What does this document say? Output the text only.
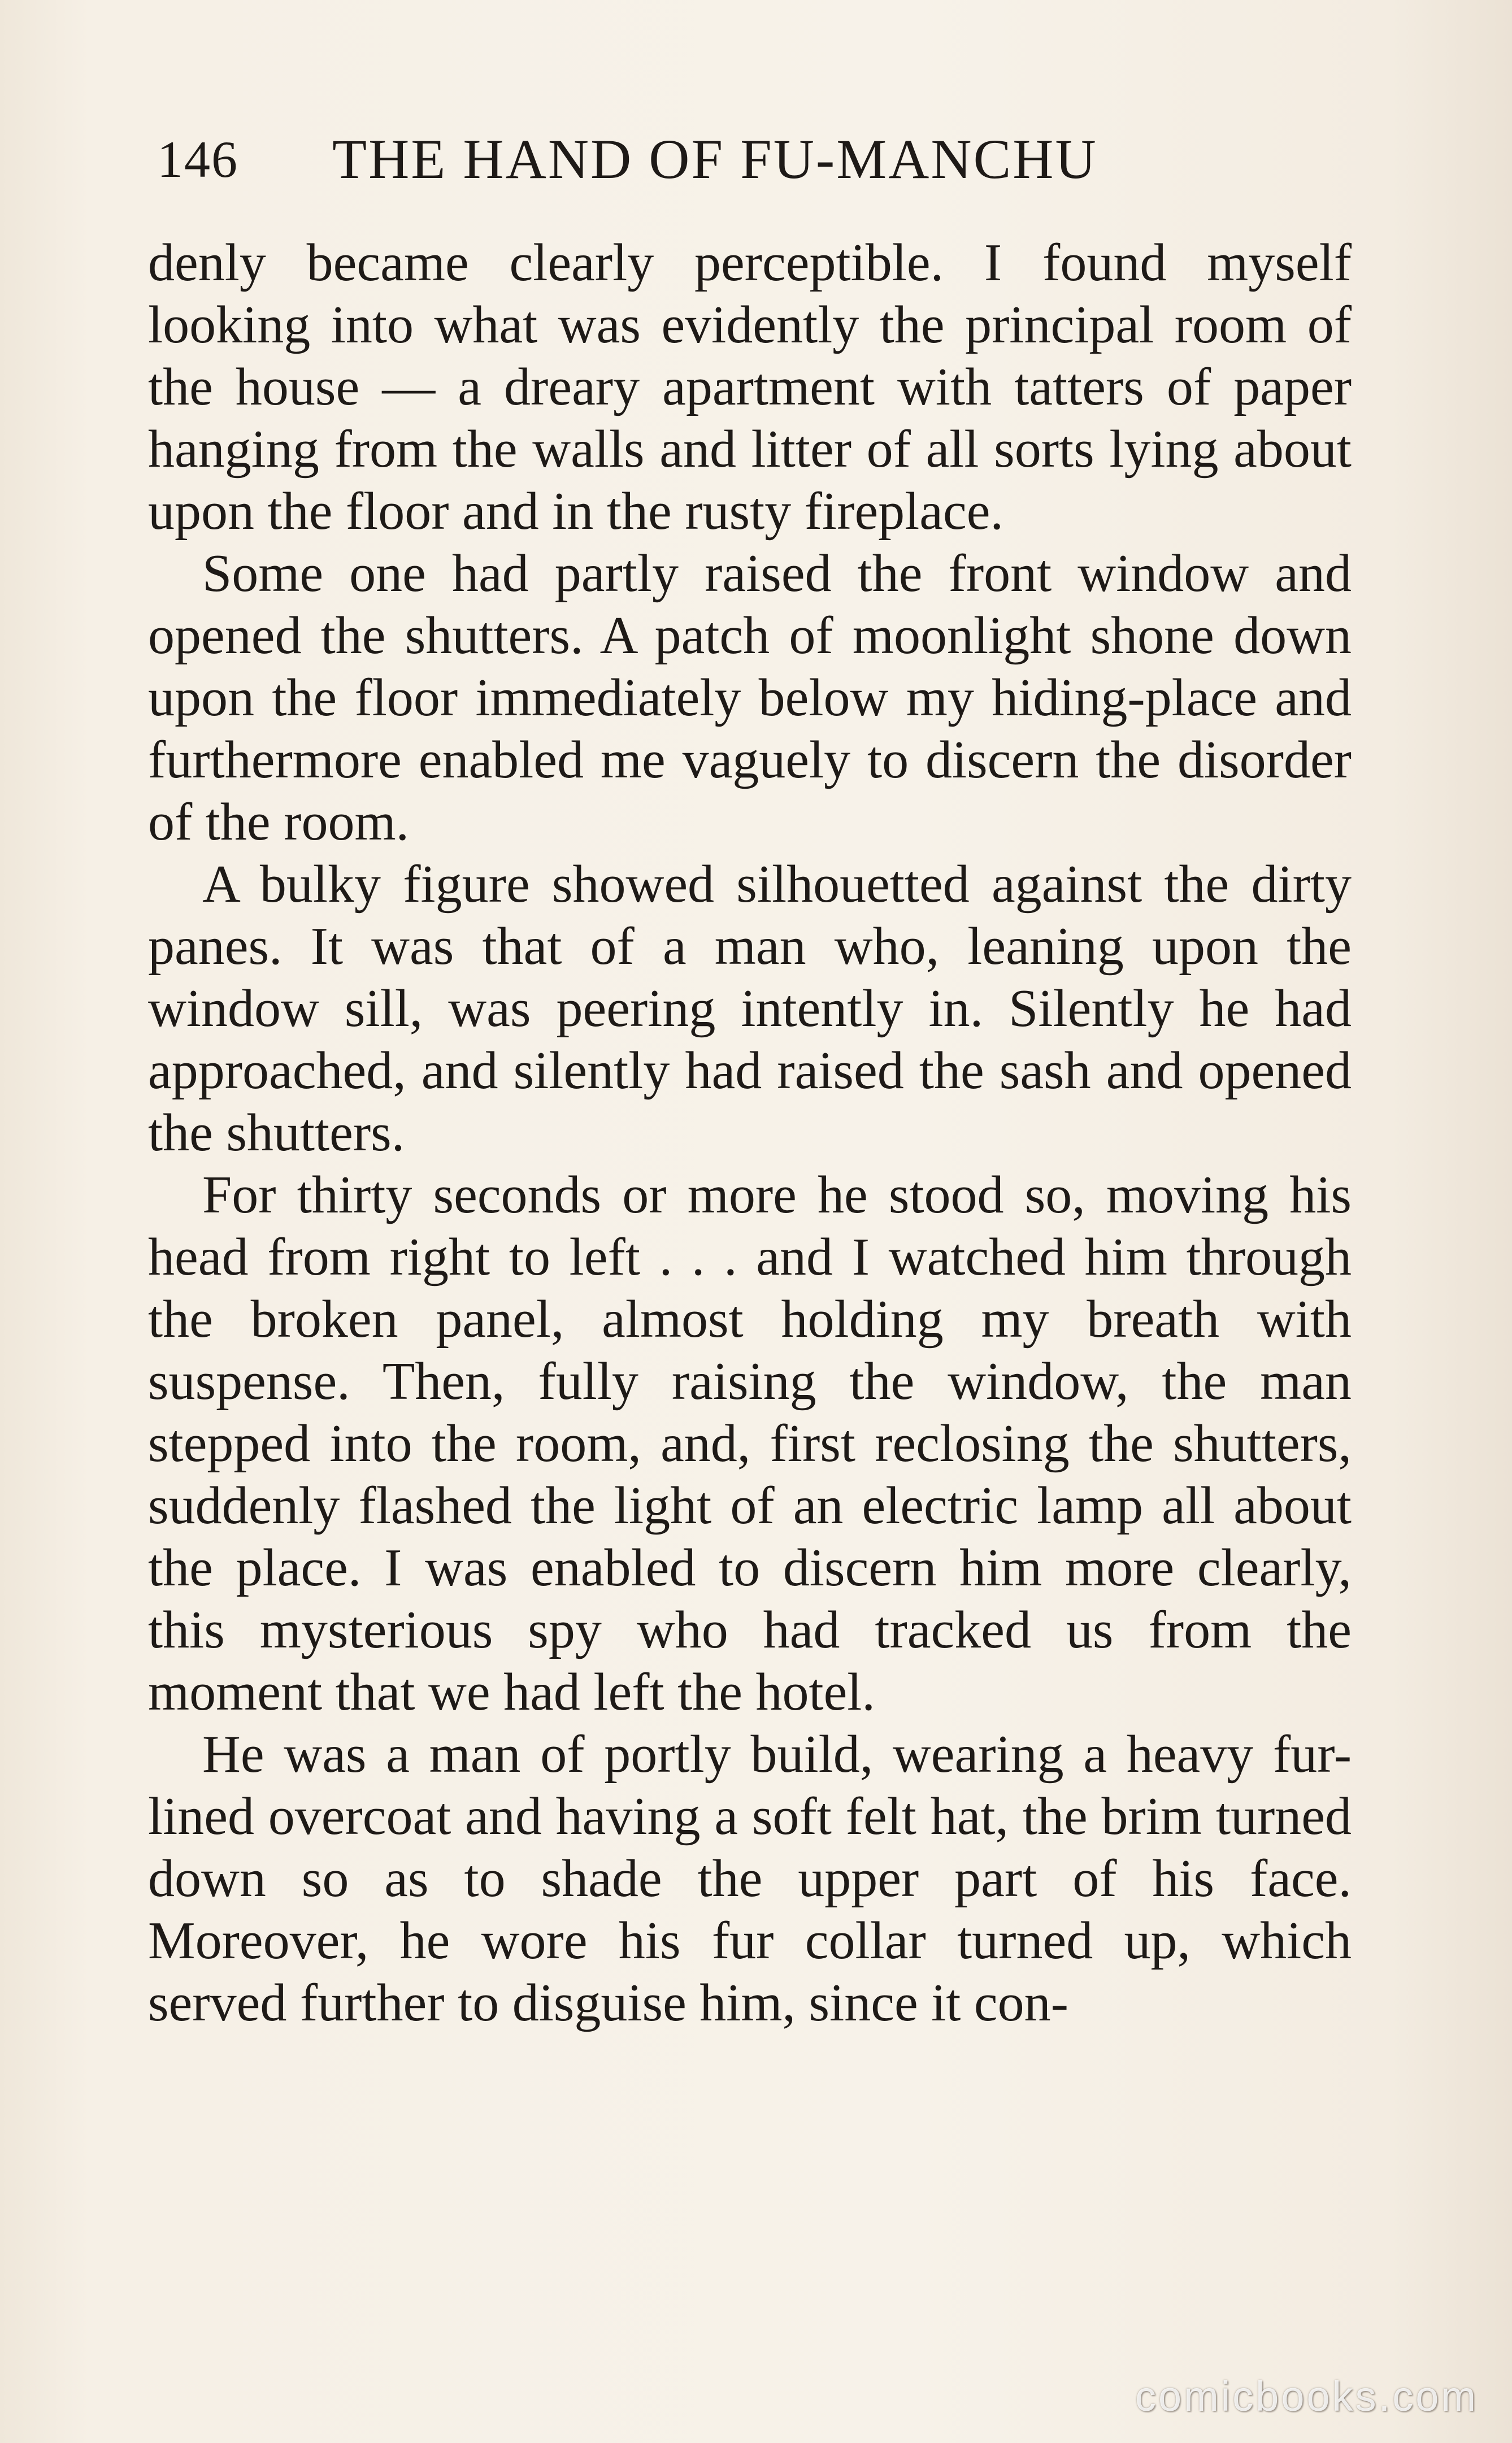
146 THE HAND OF FU-MANCHU

denly became clearly perceptible. I found myself looking into what was evidently the principal room of the house — a dreary apartment with tatters of paper hanging from the walls and litter of all sorts lying about upon the floor and in the rusty fireplace.

Some one had partly raised the front window and opened the shutters. A patch of moonlight shone down upon the floor immediately below my hiding-place and furthermore enabled me vaguely to discern the disorder of the room.

A bulky figure showed silhouetted against the dirty panes. It was that of a man who, leaning upon the window sill, was peering intently in. Silently he had approached, and silently had raised the sash and opened the shutters.

For thirty seconds or more he stood so, moving his head from right to left . . . and I watched him through the broken panel, almost holding my breath with suspense. Then, fully raising the window, the man stepped into the room, and, first reclosing the shutters, suddenly flashed the light of an electric lamp all about the place. I was enabled to discern him more clearly, this mysterious spy who had tracked us from the moment that we had left the hotel.

He was a man of portly build, wearing a heavy fur-lined overcoat and having a soft felt hat, the brim turned down so as to shade the upper part of his face. Moreover, he wore his fur collar turned up, which served further to disguise him, since it con-

comicbooks.com
